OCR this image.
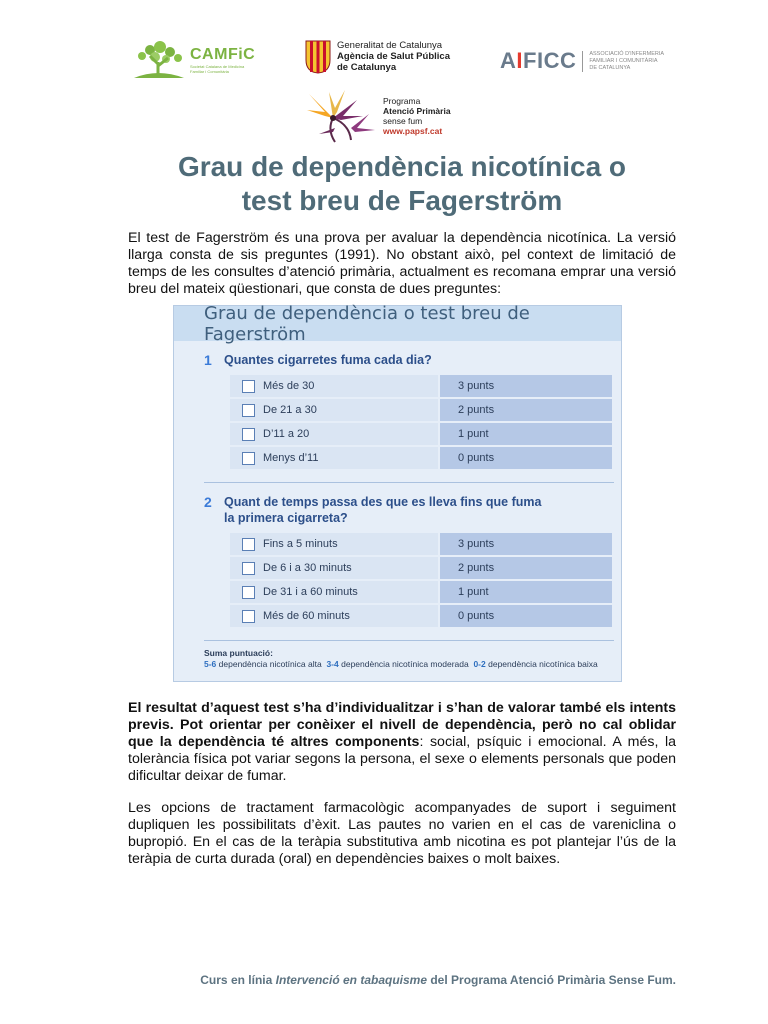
CAMFiC
Societat Catalana de Medicina Familiar i Comunitària
Generalitat de Catalunya
Agència de Salut Pública
de Catalunya	AIFICC	ASSOCIACIÓ D'INFERMERIA FAMILIAR I COMUNITÀRIA DE CATALUNYA
Programa
Atenció Primària
sense fum
www.papsf.cat
Grau de dependència nicotínica o
test breu de Fagerström
El test de Fagerström és una prova per avaluar la dependència nicotínica. La versió llarga consta de sis preguntes (1991). No obstant això, pel context de limitació de temps de les consultes d’atenció primària, actualment es recomana emprar una versió breu del mateix qüestionari, que consta de dues preguntes:
Grau de dependència o test breu de Fagerström
1 Quantes cigarretes fuma cada dia?
Més de 30	3 punts
De 21 a 30	2 punts
D’11 a 20	1 punt
Menys d’11	0 punts
2 Quant de temps passa des que es lleva fins que fuma
la primera cigarreta?
Fins a 5 minuts	3 punts
De 6 i a 30 minuts	2 punts
De 31 i a 60 minuts	1 punt
Més de 60 minuts	0 punts
Suma puntuació:
5-6 dependència nicotínica alta 3-4 dependència nicotínica moderada 0-2 dependència nicotínica baixa
El resultat d’aquest test s’ha d’individualitzar i s’han de valorar també els intents previs. Pot orientar per conèixer el nivell de dependència, però no cal oblidar que la dependència té altres components: social, psíquic i emocional. A més, la tolerància física pot variar segons la persona, el sexe o elements personals que poden dificultar deixar de fumar.
Les opcions de tractament farmacològic acompanyades de suport i seguiment dupliquen les possibilitats d’èxit. Las pautes no varien en el cas de vareniclina o bupropió. En el cas de la teràpia substitutiva amb nicotina es pot plantejar l’ús de la teràpia de curta durada (oral) en dependències baixes o molt baixes.
Curs en línia Intervenció en tabaquisme del Programa Atenció Primària Sense Fum.
